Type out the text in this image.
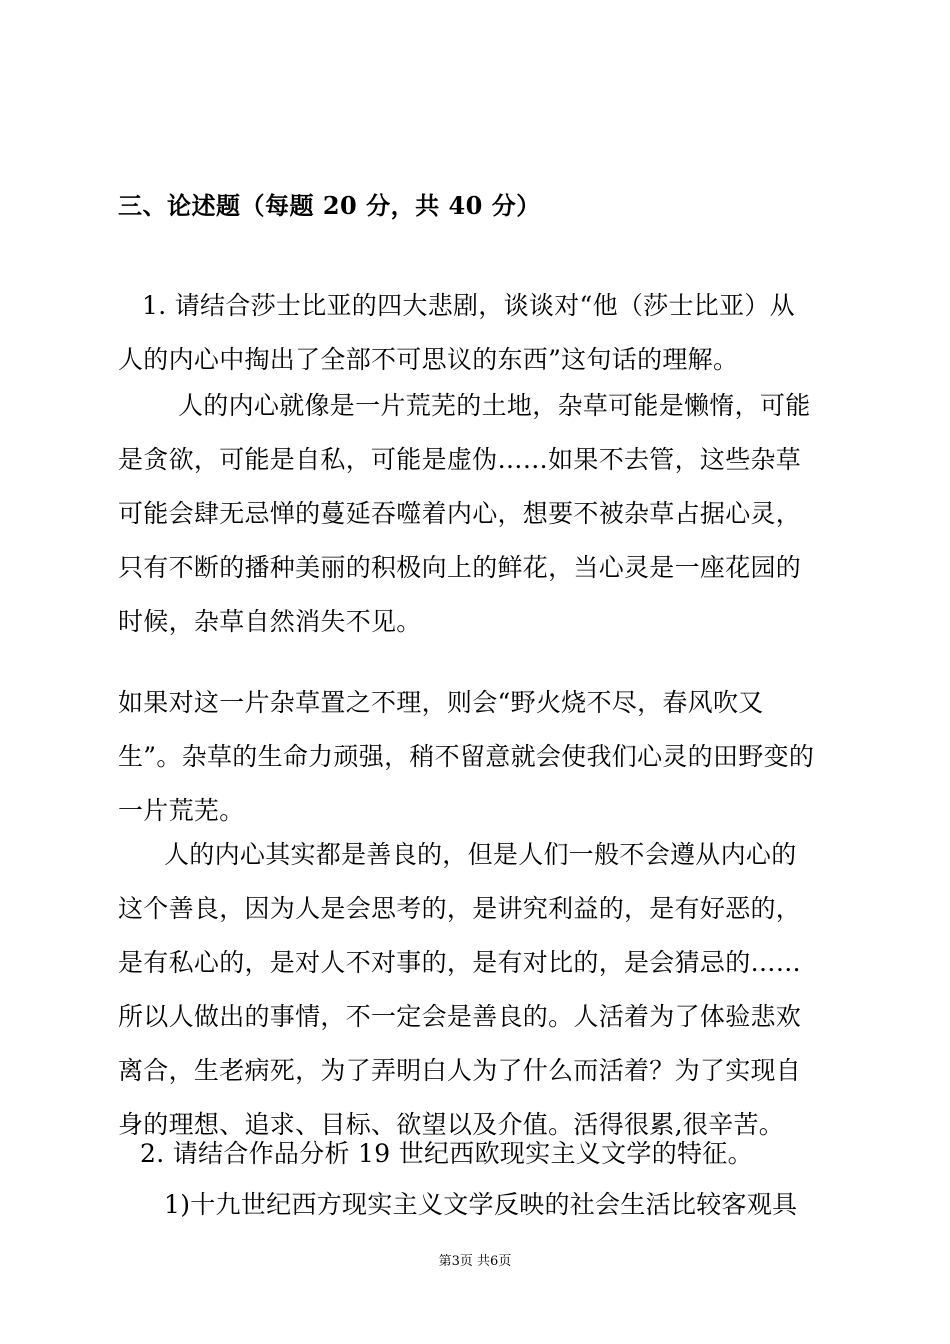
三、论述题（每题 20 分，共 40 分）

1. 请结合莎士比亚的四大悲剧，谈谈对“他（莎士比亚）从人的内心中掏出了全部不可思议的东西”这句话的理解。

人的内心就像是一片荒芜的土地，杂草可能是懒惰，可能是贪欲，可能是自私，可能是虚伪……如果不去管，这些杂草可能会肆无忌惮的蔓延吞噬着内心，想要不被杂草占据心灵，只有不断的播种美丽的积极向上的鲜花，当心灵是一座花园的时候，杂草自然消失不见。

如果对这一片杂草置之不理，则会“野火烧不尽，春风吹又生”。杂草的生命力顽强，稍不留意就会使我们心灵的田野变的一片荒芜。

人的内心其实都是善良的，但是人们一般不会遵从内心的这个善良，因为人是会思考的，是讲究利益的，是有好恶的，是有私心的，是对人不对事的，是有对比的，是会猜忌的……所以人做出的事情，不一定会是善良的。人活着为了体验悲欢离合，生老病死，为了弄明白人为了什么而活着？为了实现自身的理想、追求、目标、欲望以及介值。活得很累,很辛苦。

2. 请结合作品分析 19 世纪西欧现实主义文学的特征。

1)十九世纪西方现实主义文学反映的社会生活比较客观具

第3页 共6页
